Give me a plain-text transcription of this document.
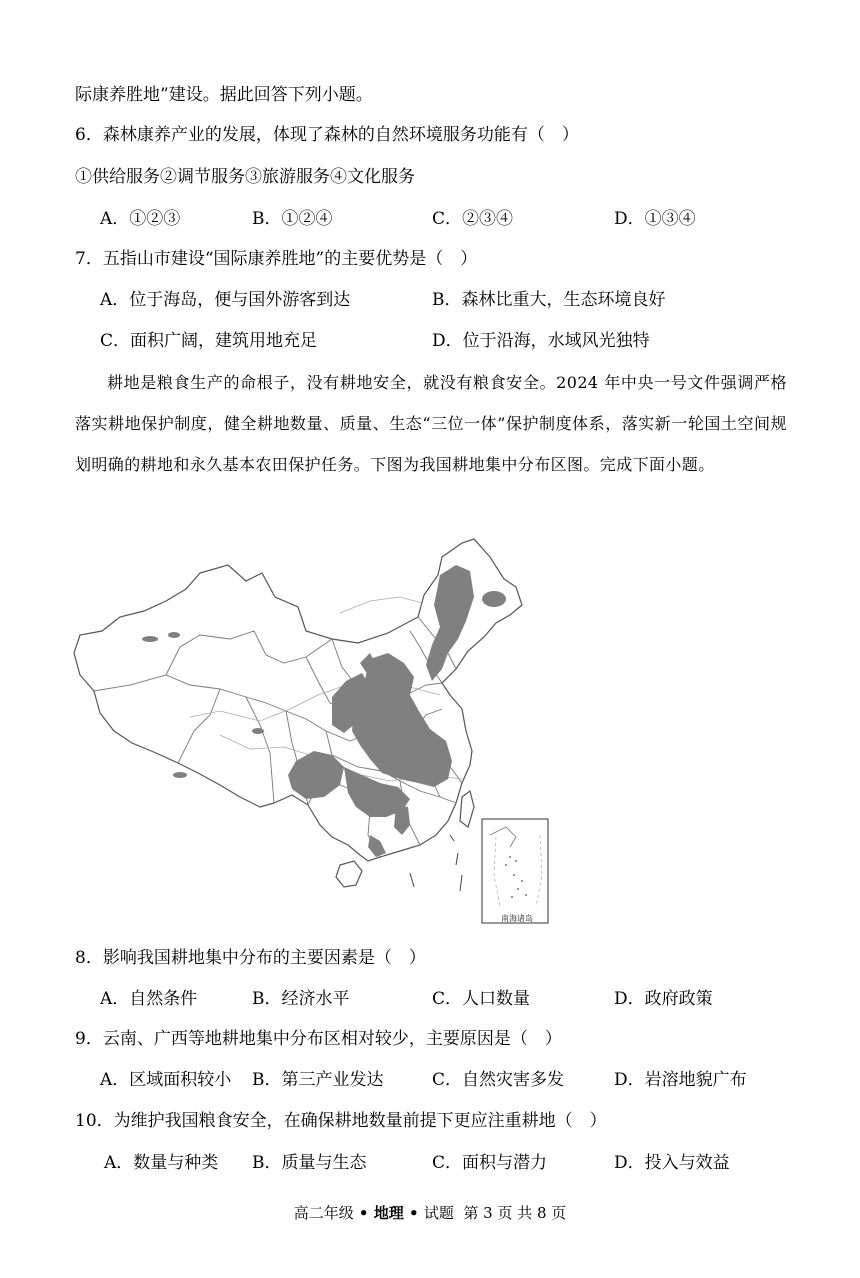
际康养胜地”建设。据此回答下列小题。
6．森林康养产业的发展，体现了森林的自然环境服务功能有（　）
①供给服务②调节服务③旅游服务④文化服务
A．①②③	B．①②④	C．②③④	D．①③④
7．五指山市建设“国际康养胜地”的主要优势是（　）
A．位于海岛，便与国外游客到达	B．森林比重大，生态环境良好
C．面积广阔，建筑用地充足	D．位于沿海，水域风光独特
耕地是粮食生产的命根子，没有耕地安全，就没有粮食安全。2024 年中央一号文件强调严格落实耕地保护制度，健全耕地数量、质量、生态“三位一体”保护制度体系，落实新一轮国土空间规划明确的耕地和永久基本农田保护任务。下图为我国耕地集中分布区图。完成下面小题。
南海诸岛
8．影响我国耕地集中分布的主要因素是（　）
A．自然条件	B．经济水平	C．人口数量	D．政府政策
9．云南、广西等地耕地集中分布区相对较少，主要原因是（　）
A．区域面积较小 B．第三产业发达	C．自然灾害多发	D．岩溶地貌广布
10．为维护我国粮食安全，在确保耕地数量前提下更应注重耕地（　）
A．数量与种类 B．质量与生态	C．面积与潜力	D．投入与效益
高二年级 • 地理 • 试题 第 3 页 共 8 页
